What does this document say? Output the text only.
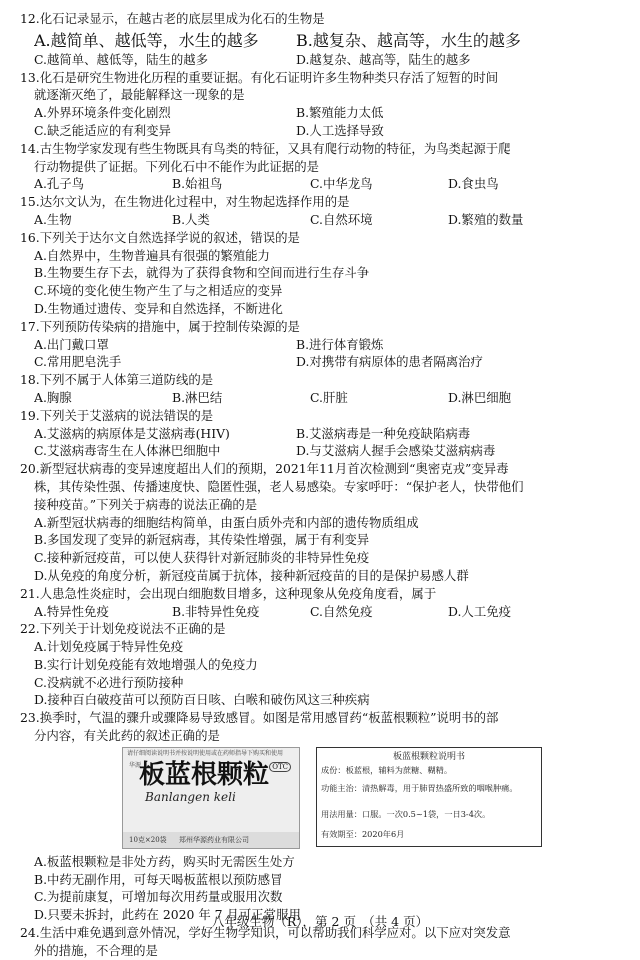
12.化石记录显示，在越古老的底层里成为化石的生物是
A.越简单、越低等，水生的越多	B.越复杂、越高等，水生的越多
C.越简单、越低等，陆生的越多	D.越复杂、越高等，陆生的越多
13.化石是研究生物进化历程的重要证据。有化石证明许多生物种类只存活了短暂的时间
就逐渐灭绝了，最能解释这一现象的是
A.外界环境条件变化剧烈	B.繁殖能力太低
C.缺乏能适应的有利变异	D.人工选择导致
14.古生物学家发现有些生物既具有鸟类的特征，又具有爬行动物的特征，为鸟类起源于爬
行动物提供了证据。下列化石中不能作为此证据的是
A.孔子鸟	B.始祖鸟	C.中华龙鸟	D.食虫鸟
15.达尔文认为，在生物进化过程中，对生物起选择作用的是
A.生物	B.人类	C.自然环境	D.繁殖的数量
16.下列关于达尔文自然选择学说的叙述，错误的是
A.自然界中，生物普遍具有很强的繁殖能力
B.生物要生存下去，就得为了获得食物和空间而进行生存斗争
C.环境的变化使生物产生了与之相适应的变异
D.生物通过遗传、变异和自然选择，不断进化
17.下列预防传染病的措施中，属于控制传染源的是
A.出门戴口罩	B.进行体育锻炼
C.常用肥皂洗手	D.对携带有病原体的患者隔离治疗
18.下列不属于人体第三道防线的是
A.胸腺	B.淋巴结	C.肝脏	D.淋巴细胞
19.下列关于艾滋病的说法错误的是
A.艾滋病的病原体是艾滋病毒(HIV)	B.艾滋病毒是一种免疫缺陷病毒
C.艾滋病毒寄生在人体淋巴细胞中	D.与艾滋病人握手会感染艾滋病病毒
20.新型冠状病毒的变异速度超出人们的预期，2021年11月首次检测到“奥密克戎”变异毒
株，其传染性强、传播速度快、隐匿性强，老人易感染。专家呼吁：“保护老人，快带他们
接种疫苗。”下列关于病毒的说法正确的是
A.新型冠状病毒的细胞结构简单，由蛋白质外壳和内部的遗传物质组成
B.多国发现了变异的新冠病毒，其传染性增强，属于有利变异
C.接种新冠疫苗，可以使人获得针对新冠肺炎的非特异性免疫
D.从免疫的角度分析，新冠疫苗属于抗体，接种新冠疫苗的目的是保护易感人群
21.人患急性炎症时，会出现白细胞数目增多，这种现象从免疫角度看，属于
A.特异性免疫	B.非特异性免疫	C.自然免疫	D.人工免疫
22.下列关于计划免疫说法不正确的是
A.计划免疫属于特异性免疫
B.实行计划免疫能有效地增强人的免疫力
C.没病就不必进行预防接种
D.接种百白破疫苗可以预防百日咳、白喉和破伤风这三种疾病
23.换季时，气温的骤升或骤降易导致感冒。如图是常用感冒药“板蓝根颗粒”说明书的部
分内容，有关此药的叙述正确的是
请仔细阅读说明书并按说明使用或在药师指导下购买和使用
华源	OTC
板蓝根颗粒
Banlangen keli
10克×20袋	郑州华源药业有限公司
板蓝根颗粒说明书
成份：板蓝根，辅料为蔗糖、糊精。
功能主治：清热解毒，用于肺胃热盛所致的咽喉肿痛。
用法用量：口服。一次0.5~1袋，一日3-4次。
有效期至：2020年6月
A.板蓝根颗粒是非处方药，购买时无需医生处方
B.中药无副作用，可每天喝板蓝根以预防感冒
C.为提前康复，可增加每次用药量或服用次数
D.只要未拆封，此药在 2020 年 7 月可正常服用
24.生活中难免遇到意外情况，学好生物学知识，可以帮助我们科学应对。以下应对突发意
外的措施，不合理的是
八年级生物（R），第 2 页　（共 4 页）
